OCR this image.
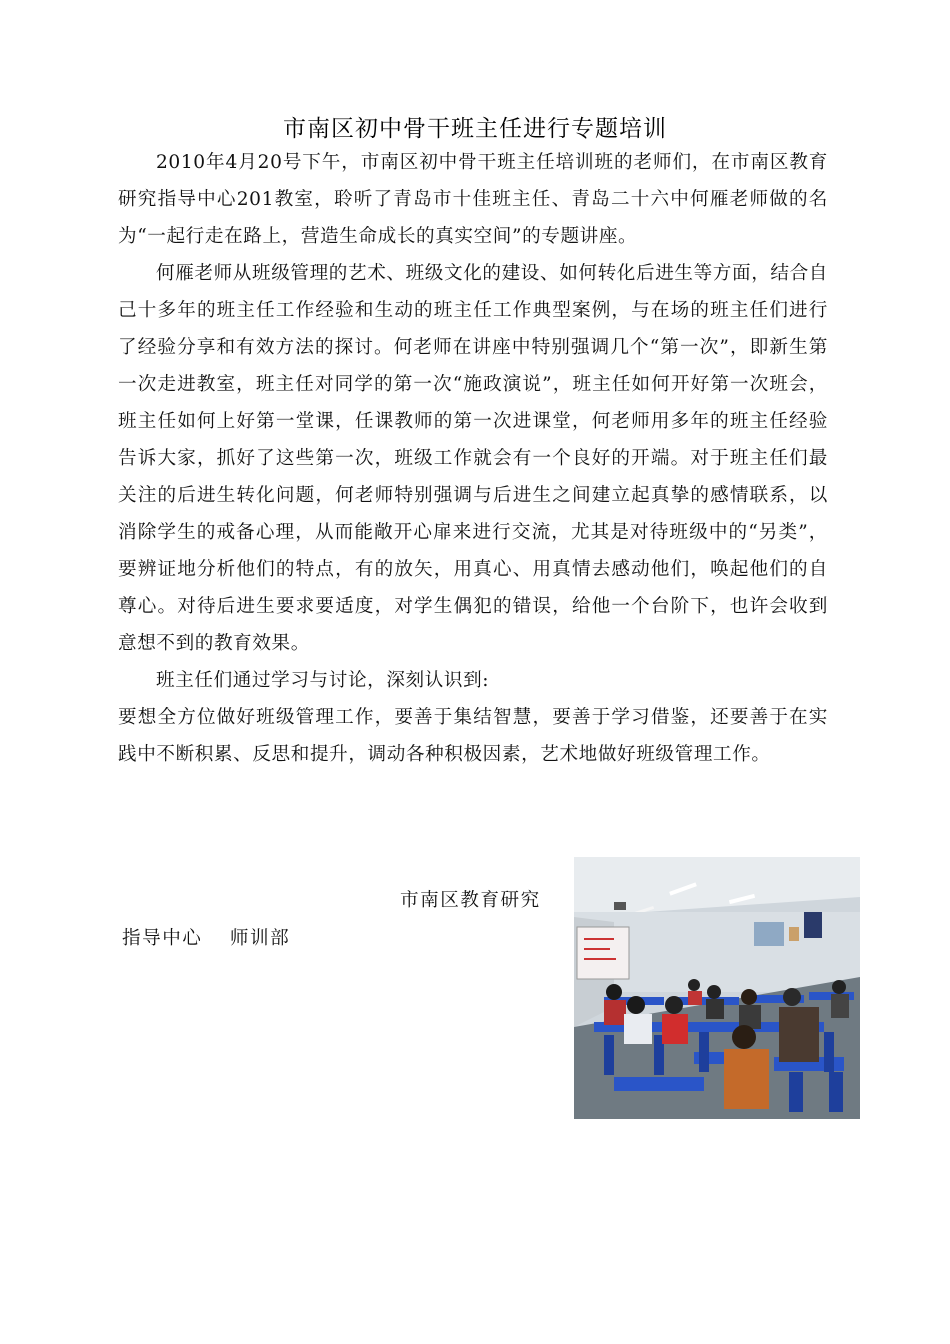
市南区初中骨干班主任进行专题培训

2010年4月20号下午，市南区初中骨干班主任培训班的老师们，在市南区教育研究指导中心201教室，聆听了青岛市十佳班主任、青岛二十六中何雁老师做的名为“一起行走在路上，营造生命成长的真实空间”的专题讲座。

何雁老师从班级管理的艺术、班级文化的建设、如何转化后进生等方面，结合自己十多年的班主任工作经验和生动的班主任工作典型案例，与在场的班主任们进行了经验分享和有效方法的探讨。何老师在讲座中特别强调几个“第一次”，即新生第一次走进教室，班主任对同学的第一次“施政演说”，班主任如何开好第一次班会，班主任如何上好第一堂课，任课教师的第一次进课堂，何老师用多年的班主任经验告诉大家，抓好了这些第一次，班级工作就会有一个良好的开端。对于班主任们最关注的后进生转化问题，何老师特别强调与后进生之间建立起真挚的感情联系，以消除学生的戒备心理，从而能敞开心扉来进行交流，尤其是对待班级中的“另类”，要辨证地分析他们的特点，有的放矢，用真心、用真情去感动他们，唤起他们的自尊心。对待后进生要求要适度，对学生偶犯的错误，给他一个台阶下，也许会收到意想不到的教育效果。

班主任们通过学习与讨论，深刻认识到:

要想全方位做好班级管理工作，要善于集结智慧，要善于学习借鉴，还要善于在实践中不断积累、反思和提升，调动各种积极因素，艺术地做好班级管理工作。

市南区教育研究
指导中心　 师训部
